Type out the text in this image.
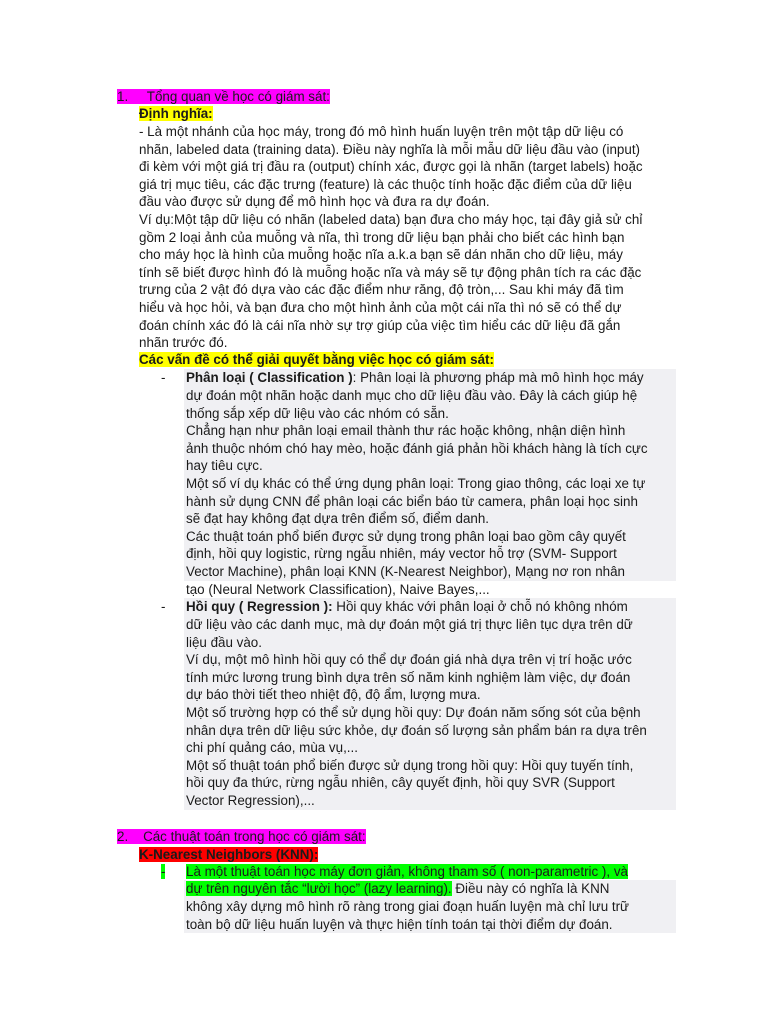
1. Tổng quan về học có giám sát:
Định nghĩa:
- Là một nhánh của học máy, trong đó mô hình huấn luyện trên một tập dữ liệu có
nhãn, labeled data (training data). Điều này nghĩa là mỗi mẫu dữ liệu đầu vào (input)
đi kèm với một giá trị đầu ra (output) chính xác, được gọi là nhãn (target labels) hoặc
giá trị mục tiêu, các đặc trưng (feature) là các thuộc tính hoặc đặc điểm của dữ liệu
đầu vào được sử dụng để mô hình học và đưa ra dự đoán.
Ví dụ:Một tập dữ liệu có nhãn (labeled data) bạn đưa cho máy học, tại đây giả sử chỉ
gồm 2 loại ảnh của muỗng và nĩa, thì trong dữ liệu bạn phải cho biết các hình bạn
cho máy học là hình của muỗng hoặc nĩa a.k.a bạn sẽ dán nhãn cho dữ liệu, máy
tính sẽ biết được hình đó là muỗng hoặc nĩa và máy sẽ tự động phân tích ra các đặc
trưng của 2 vật đó dựa vào các đặc điểm như răng, độ tròn,... Sau khi máy đã tìm
hiểu và học hỏi, và bạn đưa cho một hình ảnh của một cái nĩa thì nó sẽ có thể dự
đoán chính xác đó là cái nĩa nhờ sự trợ giúp của việc tìm hiểu các dữ liệu đã gắn
nhãn trước đó.
Các vấn đề có thể giải quyết bằng việc học có giám sát:
- Phân loại ( Classification ): Phân loại là phương pháp mà mô hình học máy
dự đoán một nhãn hoặc danh mục cho dữ liệu đầu vào. Đây là cách giúp hệ
thống sắp xếp dữ liệu vào các nhóm có sẵn.
Chẳng hạn như phân loại email thành thư rác hoặc không, nhận diện hình
ảnh thuộc nhóm chó hay mèo, hoặc đánh giá phản hồi khách hàng là tích cực
hay tiêu cực.
Một số ví dụ khác có thể ứng dụng phân loại: Trong giao thông, các loại xe tự
hành sử dụng CNN để phân loại các biển báo từ camera, phân loại học sinh
sẽ đạt hay không đạt dựa trên điểm số, điểm danh.
Các thuật toán phổ biến được sử dụng trong phân loại bao gồm cây quyết
định, hồi quy logistic, rừng ngẫu nhiên, máy vector hỗ trợ (SVM- Support
Vector Machine), phân loại KNN (K-Nearest Neighbor), Mạng nơ ron nhân
tạo (Neural Network Classification), Naive Bayes,...
- Hồi quy ( Regression ): Hồi quy khác với phân loại ở chỗ nó không nhóm
dữ liệu vào các danh mục, mà dự đoán một giá trị thực liên tục dựa trên dữ
liệu đầu vào.
Ví dụ, một mô hình hồi quy có thể dự đoán giá nhà dựa trên vị trí hoặc ước
tính mức lương trung bình dựa trên số năm kinh nghiệm làm việc, dự đoán
dự báo thời tiết theo nhiệt độ, độ ẩm, lượng mưa.
Một số trường hợp có thể sử dụng hồi quy: Dự đoán năm sống sót của bệnh
nhân dựa trên dữ liệu sức khỏe, dự đoán số lượng sản phẩm bán ra dựa trên
chi phí quảng cáo, mùa vụ,...
Một số thuật toán phổ biến được sử dụng trong hồi quy: Hồi quy tuyến tính,
hồi quy đa thức, rừng ngẫu nhiên, cây quyết định, hồi quy SVR (Support
Vector Regression),...
2. Các thuật toán trong học có giám sát:
K-Nearest Neighbors (KNN):
- Là một thuật toán học máy đơn giản, không tham số ( non-parametric ), và
dự trên nguyên tắc “lười học” (lazy learning). Điều này có nghĩa là KNN
không xây dựng mô hình rõ ràng trong giai đoạn huấn luyện mà chỉ lưu trữ
toàn bộ dữ liệu huấn luyện và thực hiện tính toán tại thời điểm dự đoán.
